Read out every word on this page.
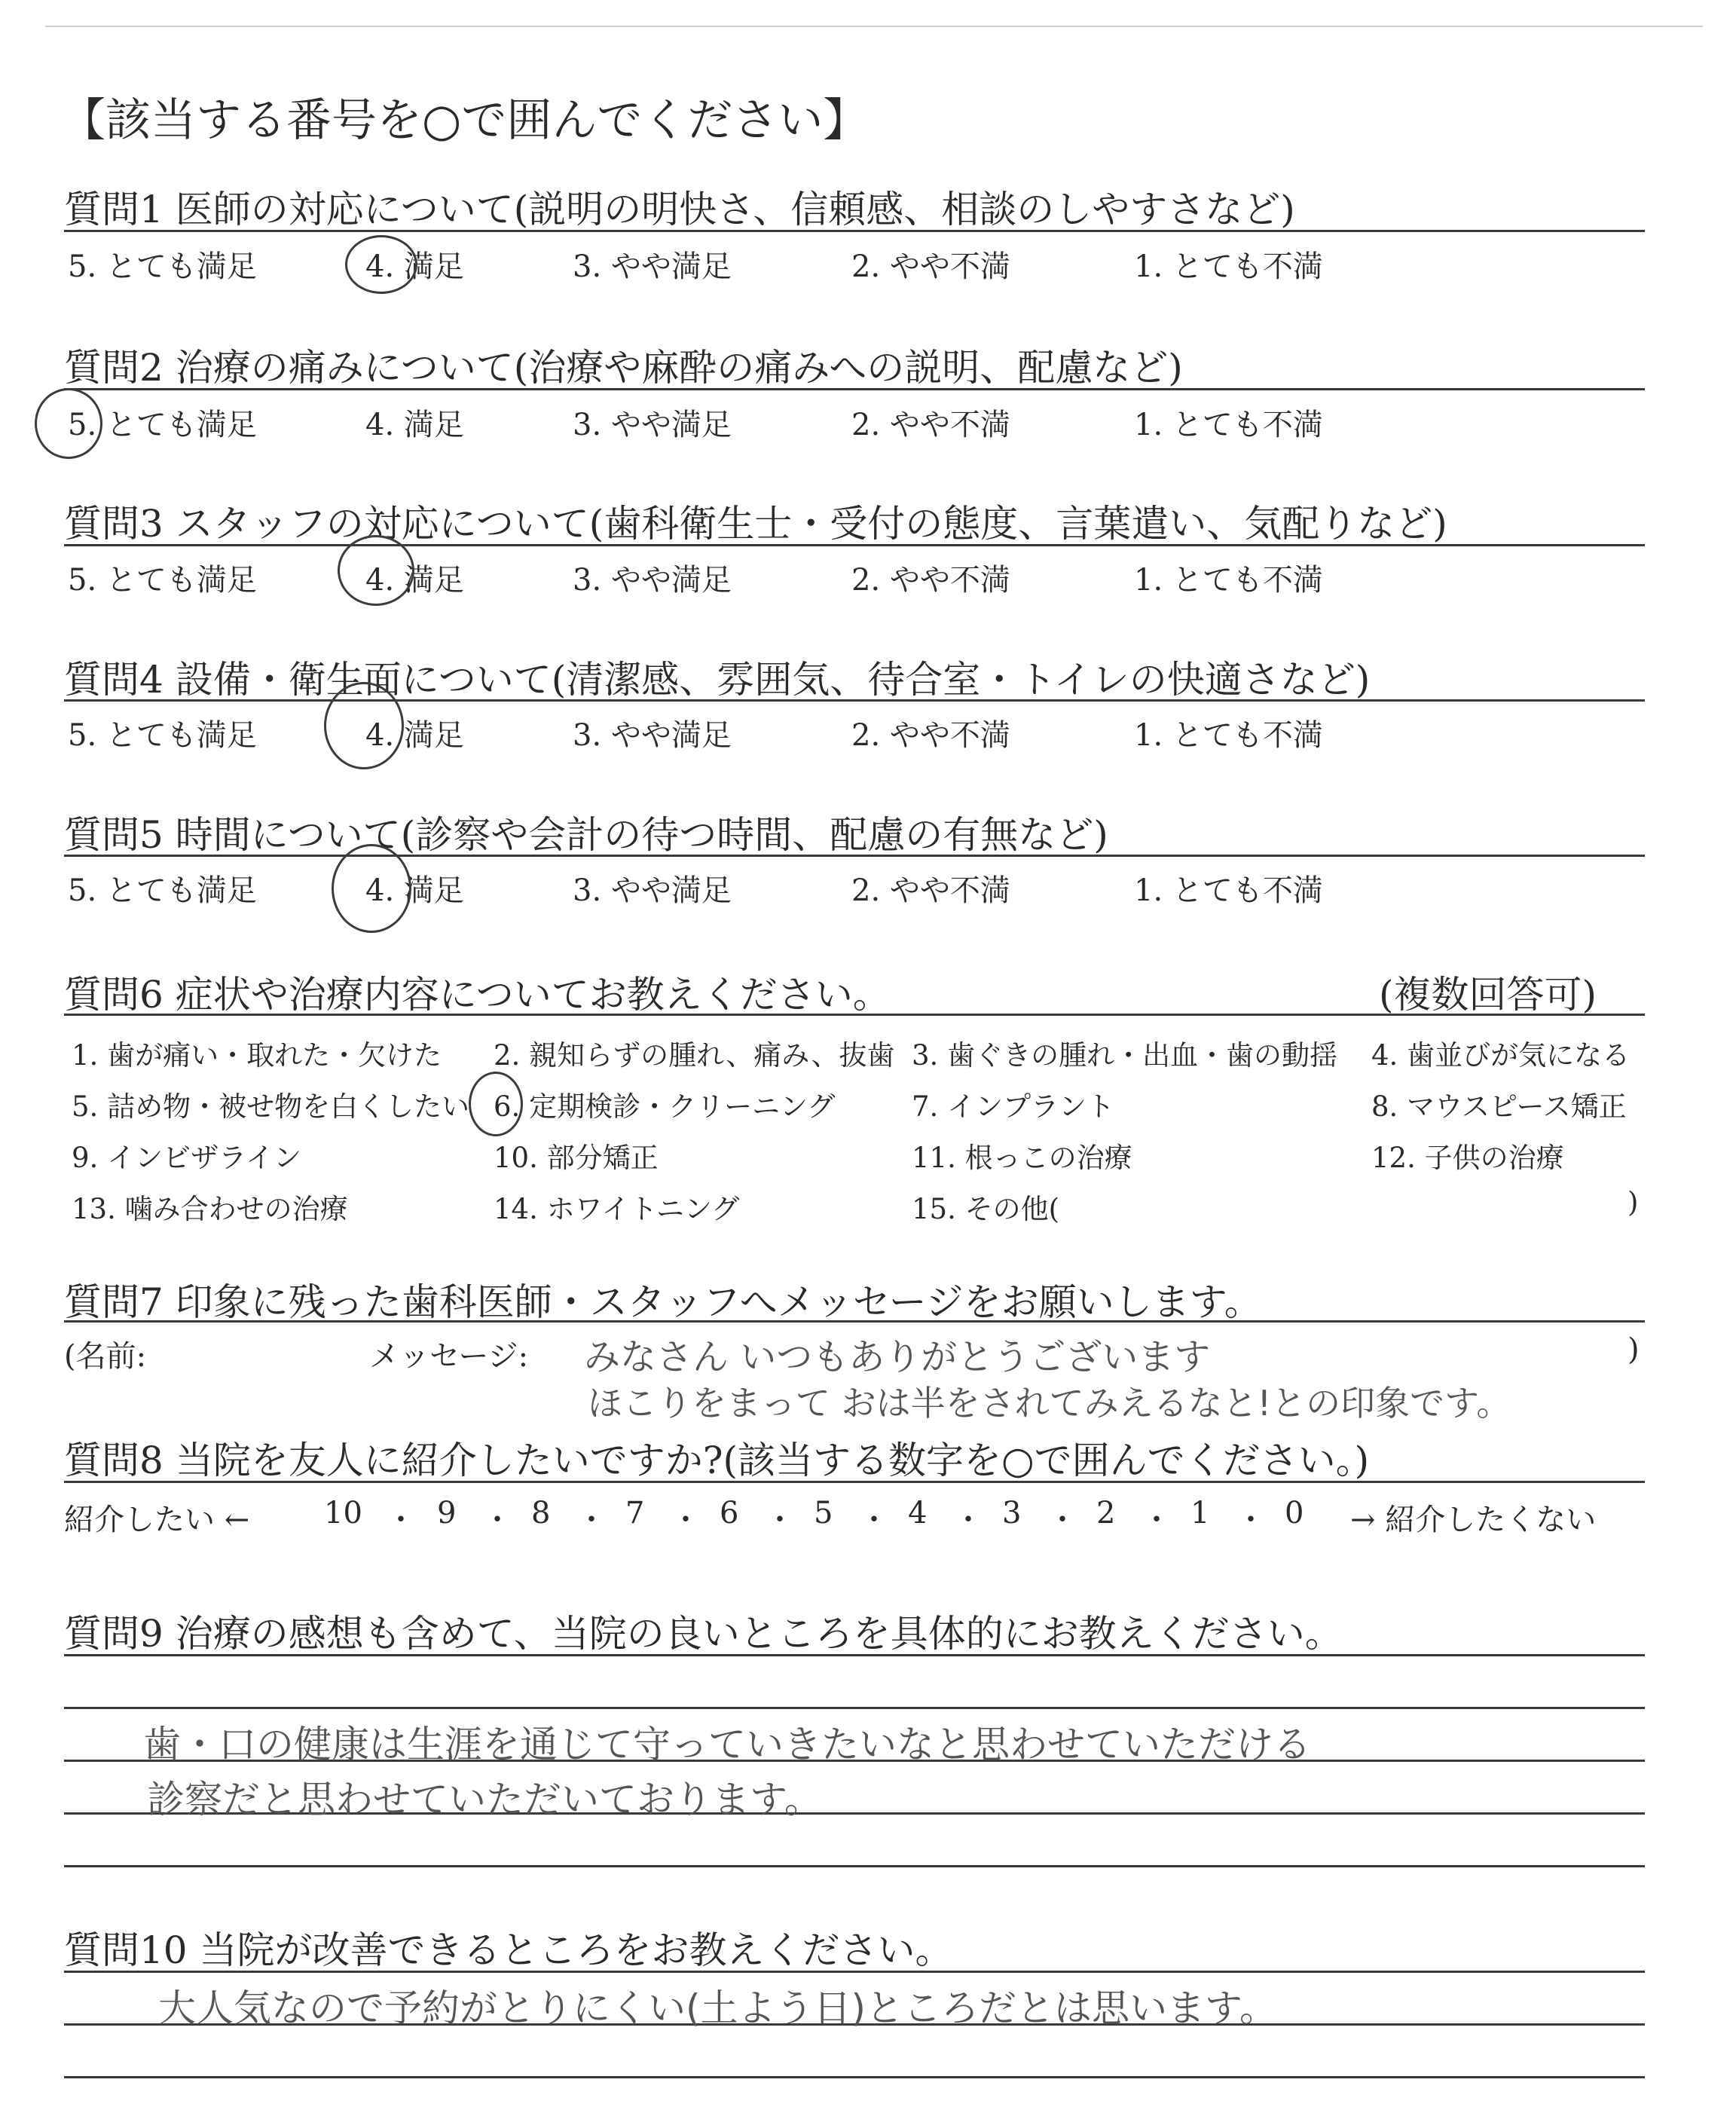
【該当する番号を○で囲んでください】
質問1 医師の対応について(説明の明快さ、信頼感、相談のしやすさなど)
5. とても満足	4. 満足	3. やや満足	2. やや不満	1. とても不満
質問2 治療の痛みについて(治療や麻酔の痛みへの説明、配慮など)
5. とても満足	4. 満足	3. やや満足	2. やや不満	1. とても不満
質問3 スタッフの対応について(歯科衛生士・受付の態度、言葉遣い、気配りなど)
5. とても満足	4. 満足	3. やや満足	2. やや不満	1. とても不満
質問4 設備・衛生面について(清潔感、雰囲気、待合室・トイレの快適さなど)
5. とても満足	4. 満足	3. やや満足	2. やや不満	1. とても不満
質問5 時間について(診察や会計の待つ時間、配慮の有無など)
5. とても満足	4. 満足	3. やや満足	2. やや不満	1. とても不満
質問6 症状や治療内容についてお教えください。	(複数回答可)
1. 歯が痛い・取れた・欠けた 2. 親知らずの腫れ、痛み、抜歯 3. 歯ぐきの腫れ・出血・歯の動揺 4. 歯並びが気になる
5. 詰め物・被せ物を白くしたい 6. 定期検診・クリーニング	7. インプラント	8. マウスピース矯正
9. インビザライン	10. 部分矯正	11. 根っこの治療	12. 子供の治療
13. 噛み合わせの治療	14. ホワイトニング	15. その他(	)
質問7 印象に残った歯科医師・スタッフへメッセージをお願いします。
(名前:	メッセージ:	)
みなさん いつもありがとうございます
ほこりをまって おは半をされてみえるなと!との印象です。
質問8 当院を友人に紹介したいですか?(該当する数字を○で囲んでください。)
紹介したい ←	→ 紹介したくない
10 ・ 9 ・ 8 ・ 7 ・ 6 ・ 5 ・ 4 ・ 3 ・ 2 ・ 1 ・ 0
質問9 治療の感想も含めて、当院の良いところを具体的にお教えください。
歯・口の健康は生涯を通じて守っていきたいなと思わせていただける
診察だと思わせていただいております。
質問10 当院が改善できるところをお教えください。
大人気なので予約がとりにくい(土よう日)ところだとは思います。
